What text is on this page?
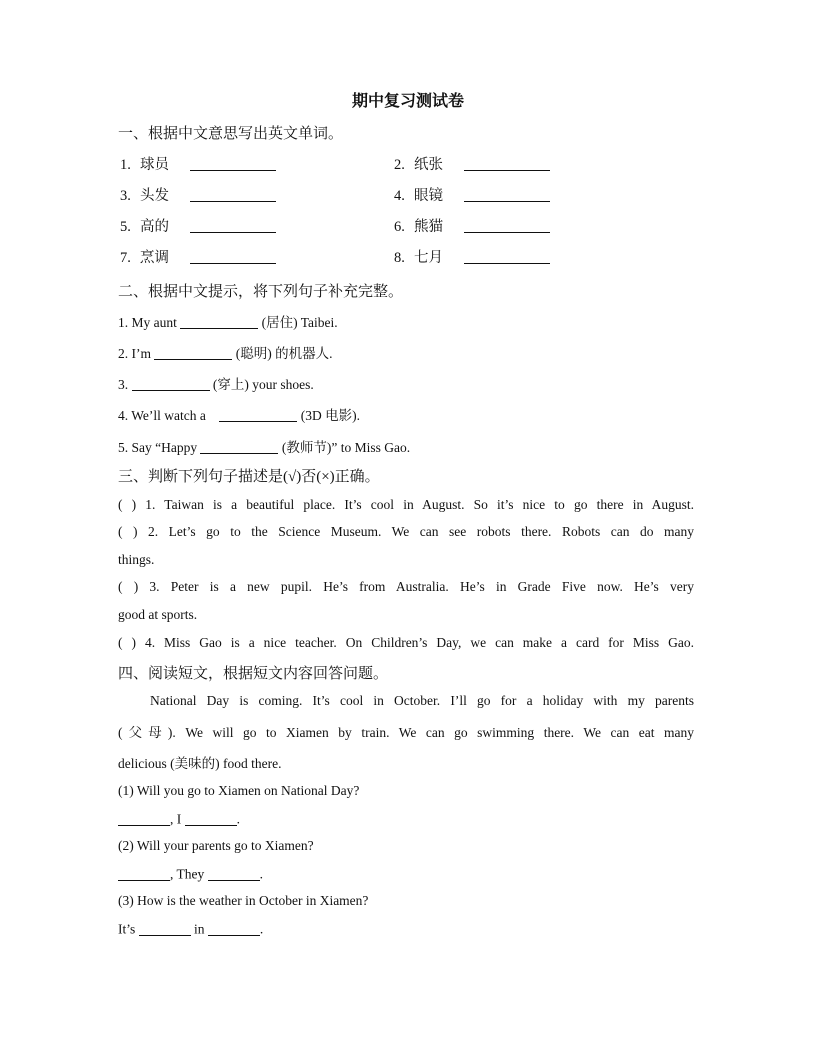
期中复习测试卷
一、根据中文意思写出英文单词。
1. 球员	2. 纸张
3. 头发	4. 眼镜
5. 高的	6. 熊猫
7. 烹调	8. 七月
二、根据中文提示，将下列句子补充完整。
1. My aunt	(居住) Taibei.
2. I’m	(聪明) 的机器人.
3.	(穿上) your shoes.
4. We’ll watch a	(3D 电影).
5. Say “Happy	(教师节)” to Miss Gao.
三、判断下列句子描述是(√)否(×)正确。
( ) 1. Taiwan is a beautiful place. It’s cool in August. So it’s nice to go there in August.
( ) 2. Let’s go to the Science Museum. We can see robots there. Robots can do many
things.
( ) 3. Peter is a new pupil. He’s from Australia. He’s in Grade Five now. He’s very
good at sports.
( ) 4. Miss Gao is a nice teacher. On Children’s Day, we can make a card for Miss Gao.
四、阅读短文，根据短文内容回答问题。
National Day is coming. It’s cool in October. I’ll go for a holiday with my parents
(父母). We will go to Xiamen by train. We can go swimming there. We can eat many
delicious (美味的) food there.
(1) Will you go to Xiamen on National Day?
, I	.
(2) Will your parents go to Xiamen?
, They	.
(3) How is the weather in October in Xiamen?
It’s	in	.
